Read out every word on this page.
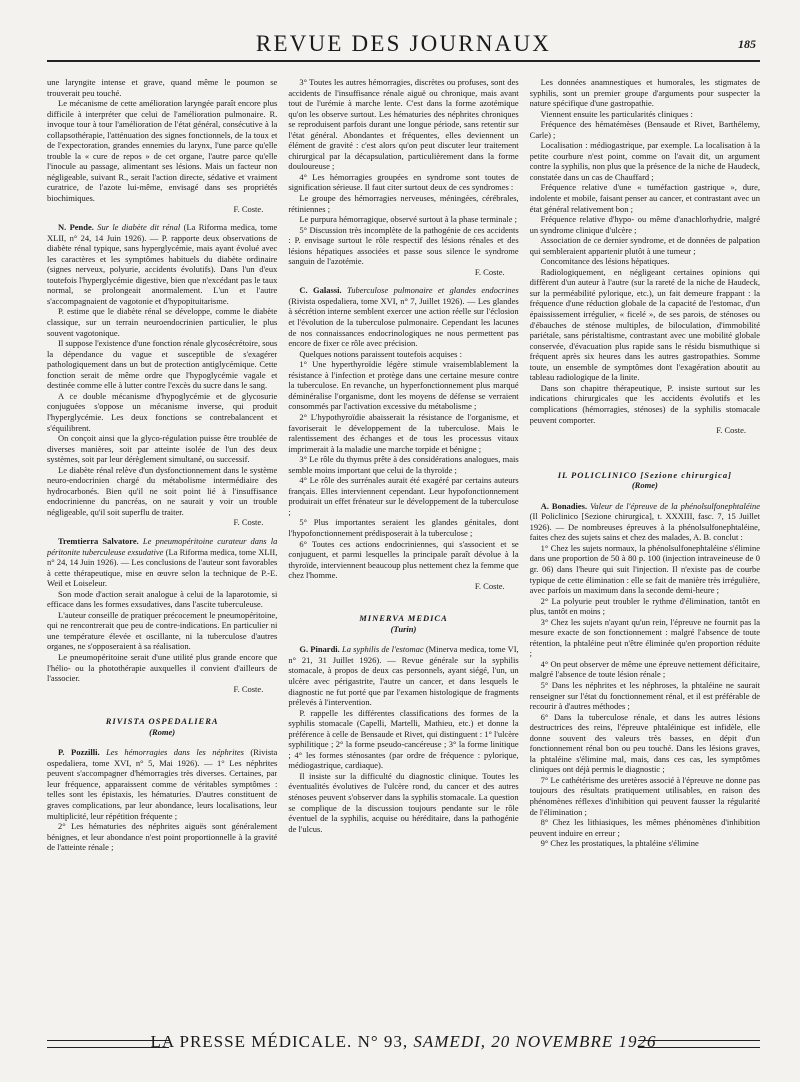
REVUE DES JOURNAUX	185

une laryngite intense et grave, quand même le poumon se trouverait peu touché.

Le mécanisme de cette amélioration laryngée paraît encore plus difficile à interpréter que celui de l'amélioration pulmonaire. R. invoque tour à tour l'amélioration de l'état général, consécutive à la collapsothérapie, l'atténuation des signes fonctionnels, de la toux et de l'expectoration, grandes ennemies du larynx, l'une parce qu'elle trouble la « cure de repos » de cet organe, l'autre parce qu'elle l'inocule au passage, alimentant ses lésions. Mais un facteur non négligeable, suivant R., serait l'action directe, sédative et vraiment curatrice, de l'azote lui-même, envisagé dans ses propriétés biochimiques.

F. Coste.

N. Pende. Sur le diabète dit rénal (La Riforma medica, tome XLII, n° 24, 14 Juin 1926). — P. rapporte deux observations de diabète rénal typique, sans hyperglycémie, mais ayant évolué avec les caractères et les symptômes habituels du diabète ordinaire (signes nerveux, polyurie, accidents évolutifs). Dans l'un d'eux toutefois l'hyperglycémie digestive, bien que n'excédant pas le taux normal, se prolongeait anormalement. L'un et l'autre s'accompagnaient de vagotonie et d'hypopituitarisme.

P. estime que le diabète rénal se développe, comme le diabète classique, sur un terrain neuroendocrinien particulier, le plus souvent vagotonique.

Il suppose l'existence d'une fonction rénale glycosécrétoire, sous la dépendance du vague et susceptible de s'exagérer pathologiquement dans un but de protection antiglycémique. Cette fonction serait de même ordre que l'hypoglycémie vagale et destinée comme elle à lutter contre l'excès du sucre dans le sang.

A ce double mécanisme d'hypoglycémie et de glycosurie conjuguées s'oppose un mécanisme inverse, qui produit l'hyperglycémie. Les deux fonctions se contrebalancent et s'équilibrent.

On conçoit ainsi que la glyco-régulation puisse être troublée de diverses manières, soit par atteinte isolée de l'un des deux systèmes, soit par leur dérèglement simultané, ou successif.

Le diabète rénal relève d'un dysfonctionnement dans le système neuro-endocrinien chargé du métabolisme intermédiaire des hydrocarbonés. Bien qu'il ne soit point lié à l'insuffisance endocrinienne du pancréas, on ne saurait y voir un trouble négligeable, qu'il soit superflu de traiter.

F. Coste.

Tremtierra Salvatore. Le pneumopéritoine curateur dans la péritonite tuberculeuse exsudative (La Riforma medica, tome XLII, n° 24, 14 Juin 1926). — Les conclusions de l'auteur sont favorables à cette thérapeutique, mise en œuvre selon la technique de P.-E. Weil et Loiseleur.

Son mode d'action serait analogue à celui de la laparotomie, si efficace dans les formes exsudatives, dans l'ascite tuberculeuse.

L'auteur conseille de pratiquer précocement le pneumopéritoine, qui ne rencontrerait que peu de contre-indications. En particulier ni une température élevée et oscillante, ni la tuberculose d'autres organes, ne s'opposeraient à sa réalisation.

Le pneumopéritoine serait d'une utilité plus grande encore que l'hélio- ou la photothérapie auxquelles il convient d'ailleurs de l'associer.

F. Coste.

RIVISTA OSPEDALIERA

(Rome)

P. Pozzilli. Les hémorragies dans les néphrites (Rivista ospedaliera, tome XVI, n° 5, Mai 1926). — 1° Les néphrites peuvent s'accompagner d'hémorragies très diverses. Certaines, par leur fréquence, apparaissent comme de véritables symptômes : telles sont les épistaxis, les hématuries. D'autres constituent de graves complications, par leur abondance, leurs localisations, leur multiplicité, leur répétition fréquente ;

2° Les hématuries des néphrites aiguës sont généralement bénignes, et leur abondance n'est point proportionnelle à la gravité de l'atteinte rénale ;

3° Toutes les autres hémorragies, discrètes ou profuses, sont des accidents de l'insuffisance rénale aiguë ou chronique, mais avant tout de l'urémie à marche lente. C'est dans la forme azotémique qu'on les observe surtout. Les hématuries des néphrites chroniques se reproduisent parfois durant une longue période, sans retentir sur l'état général. Abondantes et fréquentes, elles deviennent un élément de gravité : c'est alors qu'on peut discuter leur traitement chirurgical par la décapsulation, particulièrement dans la forme douloureuse ;

4° Les hémorragies groupées en syndrome sont toutes de signification sérieuse. Il faut citer surtout deux de ces syndromes :

Le groupe des hémorragies nerveuses, méningées, cérébrales, rétiniennes ;

Le purpura hémorragique, observé surtout à la phase terminale ;

5° Discussion très incomplète de la pathogénie de ces accidents : P. envisage surtout le rôle respectif des lésions rénales et des lésions hépatiques associées et passe sous silence le syndrome sanguin de l'azotémie.

F. Coste.

C. Galassi. Tuberculose pulmonaire et glandes endocrines (Rivista ospedaliera, tome XVI, n° 7, Juillet 1926). — Les glandes à sécrétion interne semblent exercer une action réelle sur l'éclosion et l'évolution de la tuberculose pulmonaire. Cependant les lacunes de nos connaissances endocrinologiques ne nous permettent pas encore de fixer ce rôle avec précision.

Quelques notions paraissent toutefois acquises :

1° Une hyperthyroïdie légère stimule vraisemblablement la résistance à l'infection et protège dans une certaine mesure contre la tuberculose. En revanche, un hyperfonctionnement plus marqué déminéralise l'organisme, dont les moyens de défense se verraient consommés par l'activation excessive du métabolisme ;

2° L'hypothyroïdie abaisserait la résistance de l'organisme, et favoriserait le développement de la tuberculose. Mais le ralentissement des échanges et de tous les processus vitaux imprimerait à la maladie une marche torpide et bénigne ;

3° Le rôle du thymus prête à des considérations analogues, mais semble moins important que celui de la thyroïde ;

4° Le rôle des surrénales aurait été exagéré par certains auteurs français. Elles interviennent cependant. Leur hypofonctionnement produirait un effet frénateur sur le développement de la tuberculose ;

5° Plus importantes seraient les glandes génitales, dont l'hypofonctionnement prédisposerait à la tuberculose ;

6° Toutes ces actions endocriniennes, qui s'associent et se conjuguent, et parmi lesquelles la principale paraît dévolue à la thyroïde, interviennent beaucoup plus nettement chez la femme que chez l'homme.

F. Coste.

MINERVA MEDICA

(Turin)

G. Pinardi. La syphilis de l'estomac (Minerva medica, tome VI, n° 21, 31 Juillet 1926). — Revue générale sur la syphilis stomacale, à propos de deux cas personnels, ayant siégé, l'un, un ulcère avec périgastrite, l'autre un cancer, et dans lesquels le diagnostic ne fut porté que par l'examen histologique de fragments prélevés à l'intervention.

P. rappelle les différentes classifications des formes de la syphilis stomacale (Capelli, Martelli, Mathieu, etc.) et donne la préférence à celle de Bensaude et Rivet, qui distinguent : 1° l'ulcère syphilitique ; 2° la forme pseudo-cancéreuse ; 3° la forme linitique ; 4° les formes sténosantes (par ordre de fréquence : pylorique, médiogastrique, cardiaque).

Il insiste sur la difficulté du diagnostic clinique. Toutes les éventualités évolutives de l'ulcère rond, du cancer et des autres sténoses peuvent s'observer dans la syphilis stomacale. La question se complique de la discussion toujours pendante sur le rôle éventuel de la syphilis, acquise ou héréditaire, dans la pathogénie de l'ulcus.

Les données anamnestiques et humorales, les stigmates de syphilis, sont un premier groupe d'arguments pour suspecter la nature spécifique d'une gastropathie.

Viennent ensuite les particularités cliniques :

Fréquence des hématémèses (Bensaude et Rivet, Barthélemy, Carle) ;

Localisation : médiogastrique, par exemple. La localisation à la petite courbure n'est point, comme on l'avait dit, un argument contre la syphilis, non plus que la présence de la niche de Haudeck, constatée dans un cas de Chauffard ;

Fréquence relative d'une « tuméfaction gastrique », dure, indolente et mobile, faisant penser au cancer, et contrastant avec un état général relativement bon ;

Fréquence relative d'hypo- ou même d'anachlorhydrie, malgré un syndrome clinique d'ulcère ;

Association de ce dernier syndrome, et de données de palpation qui sembleraient appartenir plutôt à une tumeur ;

Concomitance des lésions hépatiques.

Radiologiquement, en négligeant certaines opinions qui diffèrent d'un auteur à l'autre (sur la rareté de la niche de Haudeck, sur la perméabilité pylorique, etc.), un fait demeure frappant : la fréquence d'une réduction globale de la capacité de l'estomac, d'un épaississement irrégulier, « ficelé », de ses parois, de sténoses ou d'ébauches de sténose multiples, de biloculation, d'immobilité pariétale, sans péristaltisme, contrastant avec une mobilité globale conservée, d'évacuation plus rapide sans le résidu bismuthique si fréquent après six heures dans les autres gastropathies. Somme toute, un ensemble de symptômes dont l'exagération aboutit au tableau radiologique de la linite.

Dans son chapitre thérapeutique, P. insiste surtout sur les indications chirurgicales que les accidents évolutifs et les complications (hémorragies, sténoses) de la syphilis stomacale peuvent comporter.

F. Coste.

IL POLICLINICO [Sezione chirurgica]

(Rome)

A. Bonadies. Valeur de l'épreuve de la phénolsulfonephtaléine (Il Policlinico [Sezione chirurgica], t. XXXIII, fasc. 7, 15 Juillet 1926). — De nombreuses épreuves à la phénolsulfonephtaléine, faites chez des sujets sains et chez des malades, A. B. conclut :

1° Chez les sujets normaux, la phénolsulfonephtaléine s'élimine dans une proportion de 50 à 80 p. 100 (injection intraveineuse de 0 gr. 06) dans l'heure qui suit l'injection. Il n'existe pas de courbe typique de cette élimination : elle se fait de manière très irrégulière, avec parfois un maximum dans la seconde demi-heure ;

2° La polyurie peut troubler le rythme d'élimination, tantôt en plus, tantôt en moins ;

3° Chez les sujets n'ayant qu'un rein, l'épreuve ne fournit pas la mesure exacte de son fonctionnement : malgré l'absence de toute rétention, la phtaléine peut n'être éliminée qu'en proportion réduite ;

4° On peut observer de même une épreuve nettement déficitaire, malgré l'absence de toute lésion rénale ;

5° Dans les néphrites et les néphroses, la phtaléine ne saurait renseigner sur l'état du fonctionnement rénal, et il est préférable de recourir à d'autres méthodes ;

6° Dans la tuberculose rénale, et dans les autres lésions destructrices des reins, l'épreuve phtaléinique est infidèle, elle donne souvent des valeurs très basses, en dépit d'un fonctionnement rénal bon ou peu touché. Dans les lésions graves, la phtaléine s'élimine mal, mais, dans ces cas, les symptômes cliniques ont déjà permis le diagnostic ;

7° Le cathétérisme des uretères associé à l'épreuve ne donne pas toujours des résultats pratiquement utilisables, en raison des phénomènes réflexes d'inhibition qui peuvent fausser la régularité de l'élimination ;

8° Chez les lithiasiques, les mêmes phénomènes d'inhibition peuvent induire en erreur ;

9° Chez les prostatiques, la phtaléine s'élimine

LA PRESSE MÉDICALE. N° 93, SAMEDI, 20 NOVEMBRE 1926
